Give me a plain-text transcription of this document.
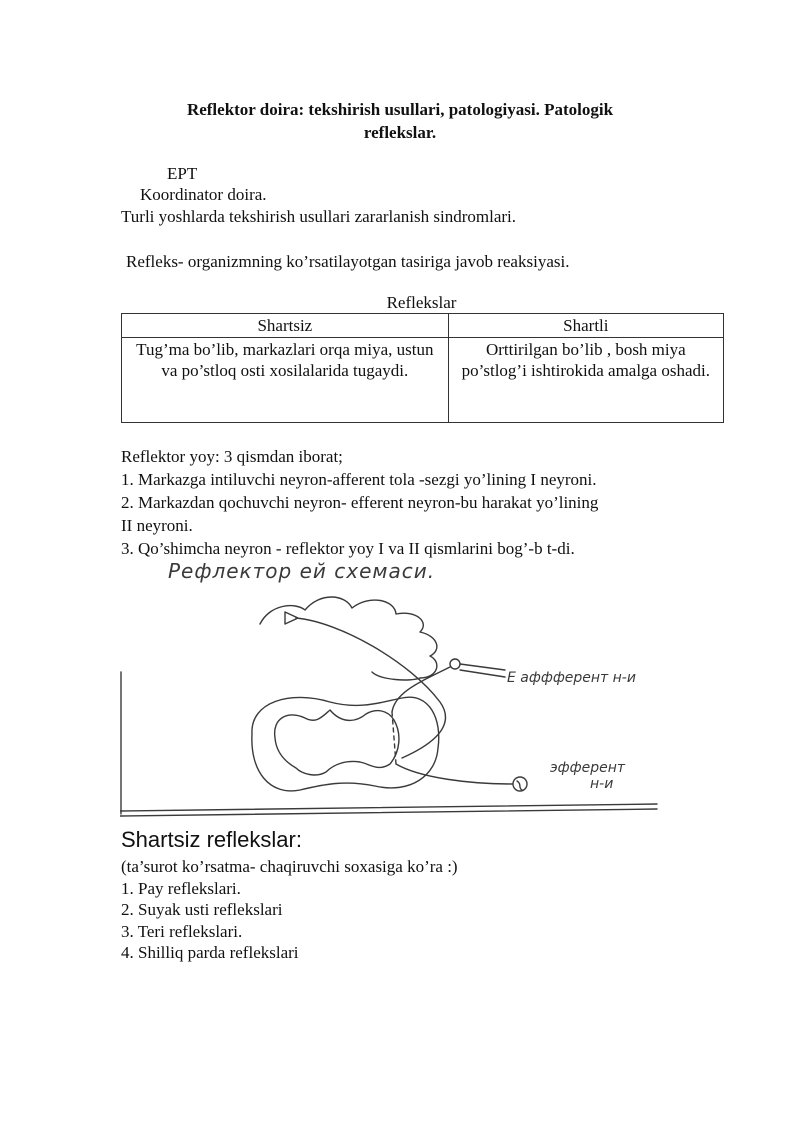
Reflektor doira: tekshirish usullari, patologiyasi. Patologik
reflekslar.
EPT
Koordinator doira.
Turli yoshlarda tekshirish usullari zararlanish sindromlari.
Refleks- organizmning ko’rsatilayotgan tasiriga javob reaksiyasi.
Reflekslar
Shartsiz	Shartli
Tug’ma bo’lib, markazlari orqa miya, ustun va po’stloq osti xosilalarida tugaydi.	Orttirilgan bo’lib , bosh miya po’stlog’i ishtirokida amalga oshadi.
Reflektor yoy: 3 qismdan iborat;
1. Markazga intiluvchi neyron-afferent tola -sezgi yo’lining I neyroni.
2. Markazdan qochuvchi neyron- efferent neyron-bu harakat yo’lining
II neyroni.
3. Qo’shimcha neyron - reflektor yoy I va II qismlarini bog’-b t-di.
Рефлектор ей схемаси.
Е аффферент н-и
эфферент
н-и
Shartsiz reflekslar:
(ta’surot ko’rsatma- chaqiruvchi soxasiga ko’ra :)
1. Pay reflekslari.
2. Suyak usti reflekslari
3. Teri reflekslari.
4. Shilliq parda reflekslari
